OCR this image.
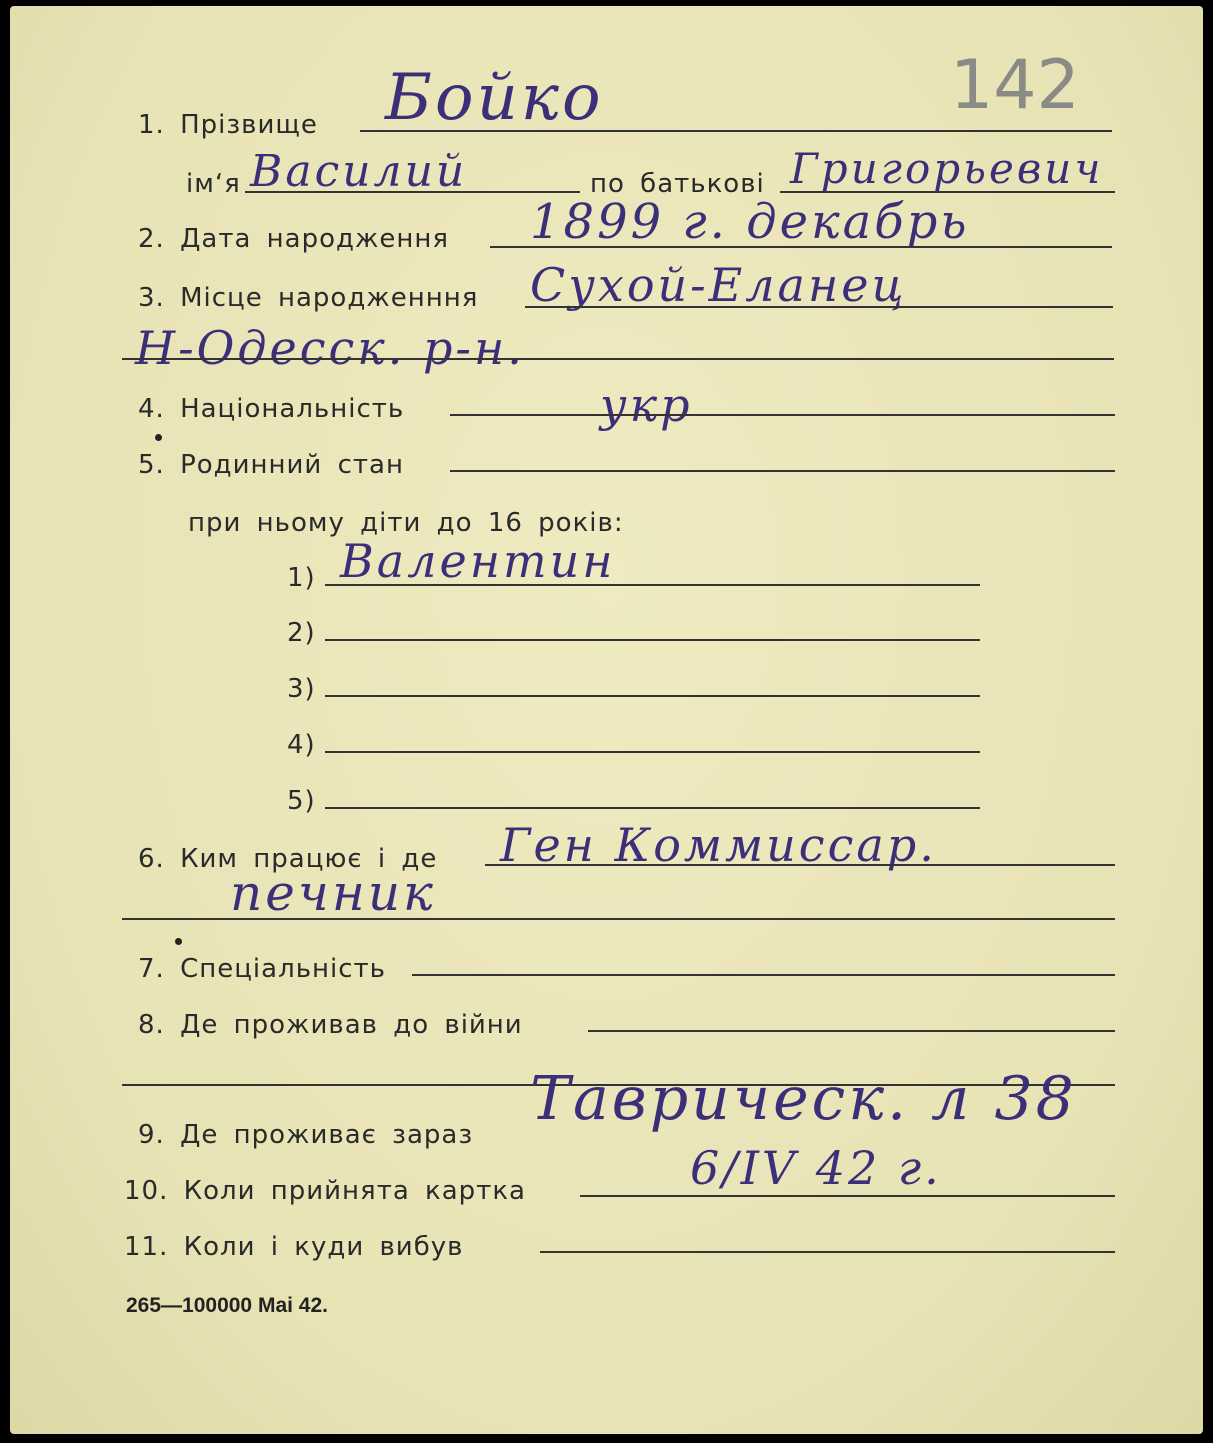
142
Бойко
1. Прізвище
Василий
ім‘я	по батькові Григорьевич
1899 г. декабрь
2. Дата народження
Сухой-Еланец
3. Місце народженння
Н-Одесск. р-н.
укр
4. Національність
5. Родинний стан
при ньому діти до 16 років:
Валентин
1)
2)
3)
4)
5)
Ген Коммиссар.
6. Ким працює і де
печник
7. Спеціальність
8. Де проживав до війни
Таврическ. л 38
9. Де проживає зараз
6/IV 42 г.
10. Коли прийнята картка
11. Коли і куди вибув
265—100000 Mai 42.
